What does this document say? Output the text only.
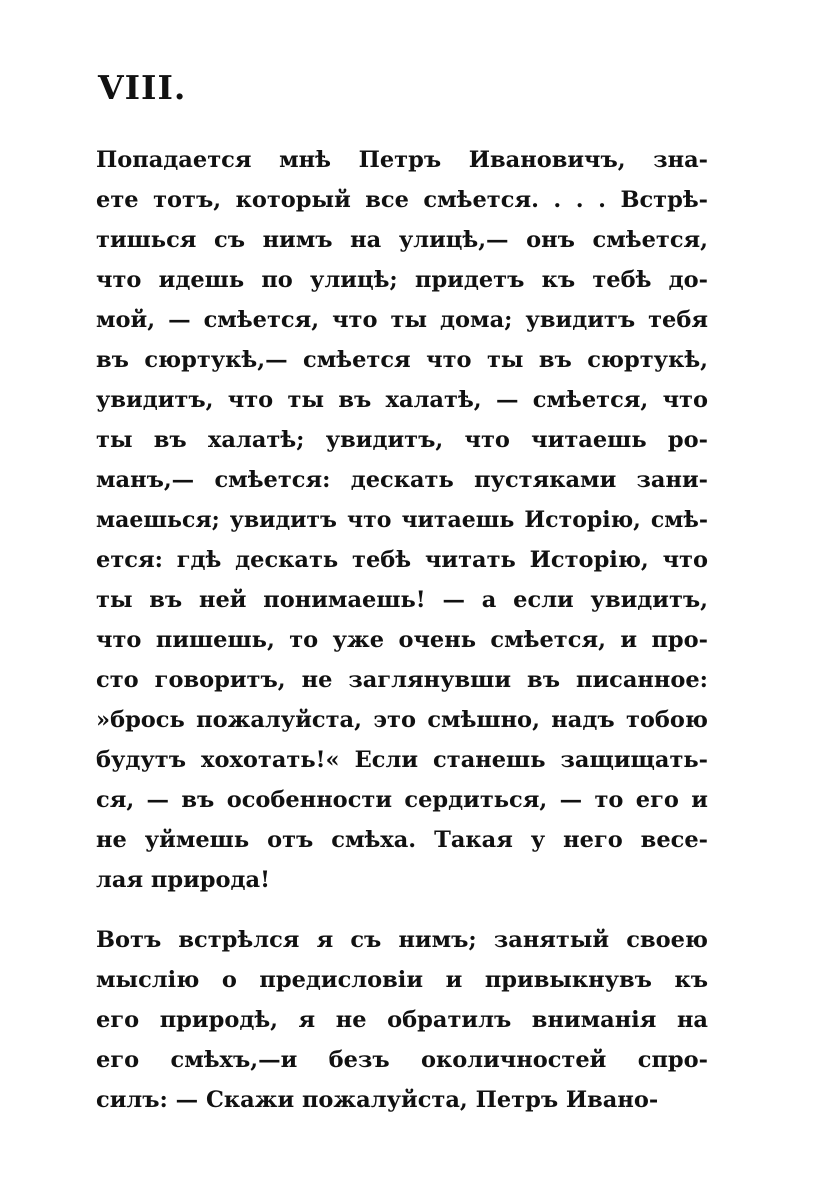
VIII.
Попадается мнѣ Петръ Ивановичъ, зна-
ете тотъ, который все смѣется. . . . Встрѣ-
тишься съ нимъ на улицѣ,— онъ смѣется,
что идешь по улицѣ; придетъ къ тебѣ до-
мой, — смѣется, что ты дома; увидитъ тебя
въ сюртукѣ,— смѣется что ты въ сюртукѣ,
увидитъ, что ты въ халатѣ, — смѣется, что
ты въ халатѣ; увидитъ, что читаешь ро-
манъ,— смѣется: дескать пустяками зани-
маешься; увидитъ что читаешь Исторію, смѣ-
ется: гдѣ дескать тебѣ читать Исторію, что
ты въ ней понимаешь! — а если увидитъ,
что пишешь, то уже очень смѣется, и про-
сто говоритъ, не заглянувши въ писанное:
»брось пожалуйста, это смѣшно, надъ тобою
будутъ хохотать!« Если станешь защищать-
ся, — въ особенности сердиться, — то его и
не уймешь отъ смѣха. Такая у него весе-
лая природа!
Вотъ встрѣлся я съ нимъ; занятый своею
мыслію о предисловіи и привыкнувъ къ
его природѣ, я не обратилъ вниманія на
его смѣхъ,—и безъ околичностей спро-
силъ: — Скажи пожалуйста, Петръ Ивано-
